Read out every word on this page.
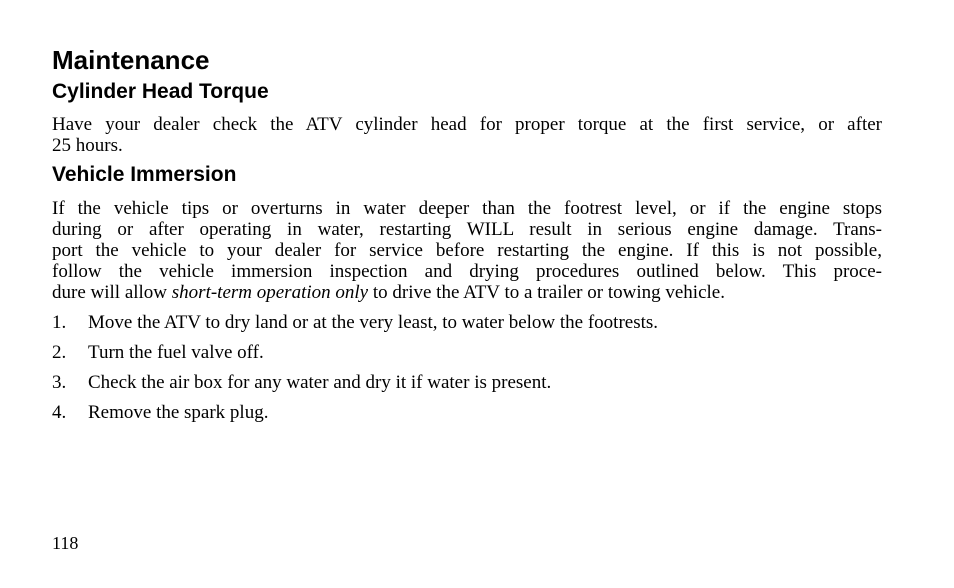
Maintenance
Cylinder Head Torque

Have your dealer check the ATV cylinder head for proper torque at the first service, or after
25 hours.

Vehicle Immersion

If the vehicle tips or overturns in water deeper than the footrest level, or if the engine stops
during or after operating in water, restarting WILL result in serious engine damage. Trans-
port the vehicle to your dealer for service before restarting the engine. If this is not possible,
follow the vehicle immersion inspection and drying procedures outlined below. This proce-
dure will allow short-term operation only to drive the ATV to a trailer or towing vehicle.

1. Move the ATV to dry land or at the very least, to water below the footrests.
2. Turn the fuel valve off.
3. Check the air box for any water and dry it if water is present.
4. Remove the spark plug.

118
